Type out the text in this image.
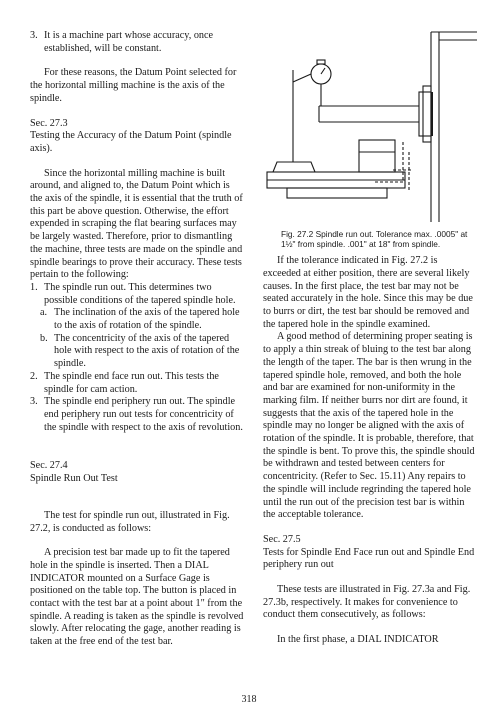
3. It is a machine part whose accuracy, once established, will be constant.

For these reasons, the Datum Point selected for the horizontal milling machine is the axis of the spindle.

Sec. 27.3
Testing the Accuracy of the Datum Point (spindle axis).

Since the horizontal milling machine is built around, and aligned to, the Datum Point which is the axis of the spindle, it is essential that the truth of this part be above question. Otherwise, the effort expended in scraping the flat bearing surfaces may be largely wasted. Therefore, prior to dismantling the machine, three tests are made on the spindle and spindle bearings to prove their accuracy. These tests pertain to the following:

1. The spindle run out. This determines two possible conditions of the tapered spindle hole.
a. The inclination of the axis of the tapered hole to the axis of rotation of the spindle.
b. The concentricity of the axis of the tapered hole with respect to the axis of rotation of the spindle.
2. The spindle end face run out. This tests the spindle for cam action.
3. The spindle end periphery run out. The spindle end periphery run out tests for concentricity of the spindle with respect to the axis of revolution.
Sec. 27.4
Spindle Run Out Test

The test for spindle run out, illustrated in Fig. 27.2, is conducted as follows:

A precision test bar made up to fit the tapered hole in the spindle is inserted. Then a DIAL INDICATOR mounted on a Surface Gage is positioned on the table top. The button is placed in contact with the test bar at a point about 1" from the spindle. A reading is taken as the spindle is revolved slowly. After relocating the gage, another reading is taken at the free end of the test bar.

Fig. 27.2 Spindle run out. Tolerance max. .0005" at 1½" from spindle. .001" at 18" from spindle.

If the tolerance indicated in Fig. 27.2 is exceeded at either position, there are several likely causes. In the first place, the test bar may not be seated accurately in the hole. Since this may be due to burrs or dirt, the test bar should be removed and the tapered hole in the spindle examined.

A good method of determining proper seating is to apply a thin streak of bluing to the test bar along the length of the taper. The bar is then wrung in the tapered spindle hole, removed, and both the hole and bar are examined for non-uniformity in the marking film. If neither burrs nor dirt are found, it suggests that the axis of the tapered hole in the spindle may no longer be aligned with the axis of rotation of the spindle. It is probable, therefore, that the spindle is bent. To prove this, the spindle should be withdrawn and tested between centers for concentricity. (Refer to Sec. 15.11) Any repairs to the spindle will include regrinding the tapered hole until the run out of the precision test bar is within the acceptable tolerance.

Sec. 27.5
Tests for Spindle End Face run out and Spindle End periphery run out

These tests are illustrated in Fig. 27.3a and Fig. 27.3b, respectively. It makes for convenience to conduct them consecutively, as follows:

In the first phase, a DIAL INDICATOR

318
